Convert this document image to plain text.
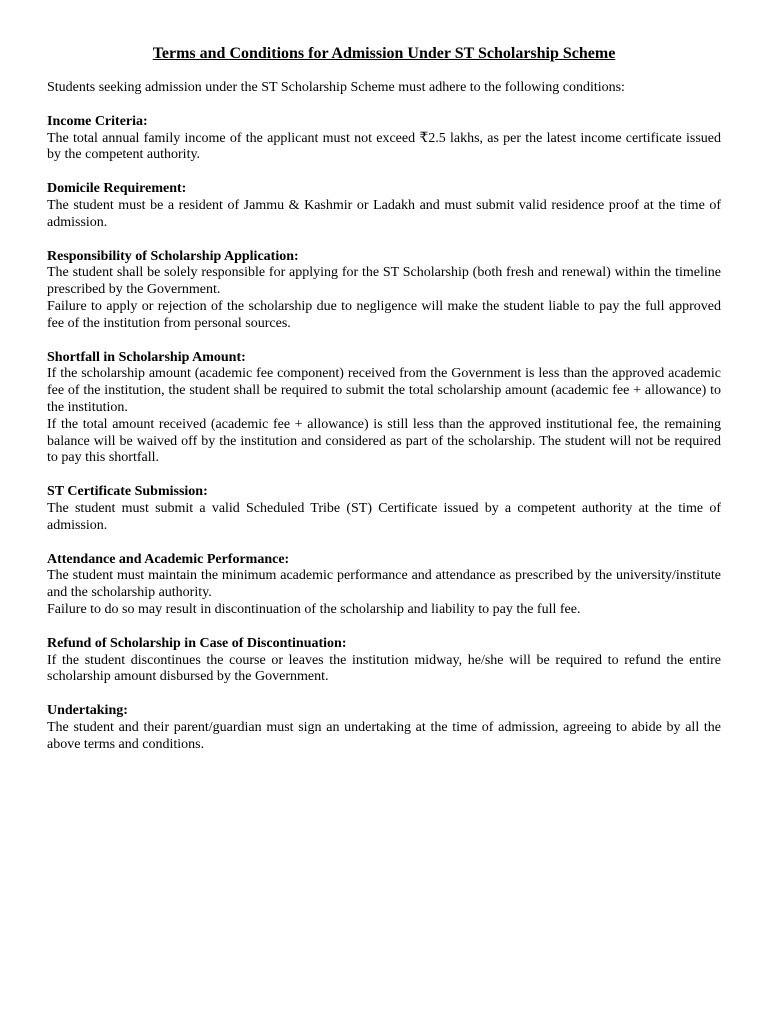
Terms and Conditions for Admission Under ST Scholarship Scheme
Students seeking admission under the ST Scholarship Scheme must adhere to the following conditions:
Income Criteria:
The total annual family income of the applicant must not exceed ₹2.5 lakhs, as per the latest income certificate issued by the competent authority.
Domicile Requirement:
The student must be a resident of Jammu & Kashmir or Ladakh and must submit valid residence proof at the time of admission.
Responsibility of Scholarship Application:
The student shall be solely responsible for applying for the ST Scholarship (both fresh and renewal) within the timeline prescribed by the Government.
Failure to apply or rejection of the scholarship due to negligence will make the student liable to pay the full approved fee of the institution from personal sources.
Shortfall in Scholarship Amount:
If the scholarship amount (academic fee component) received from the Government is less than the approved academic fee of the institution, the student shall be required to submit the total scholarship amount (academic fee + allowance) to the institution.
If the total amount received (academic fee + allowance) is still less than the approved institutional fee, the remaining balance will be waived off by the institution and considered as part of the scholarship. The student will not be required to pay this shortfall.
ST Certificate Submission:
The student must submit a valid Scheduled Tribe (ST) Certificate issued by a competent authority at the time of admission.
Attendance and Academic Performance:
The student must maintain the minimum academic performance and attendance as prescribed by the university/institute and the scholarship authority.
Failure to do so may result in discontinuation of the scholarship and liability to pay the full fee.
Refund of Scholarship in Case of Discontinuation:
If the student discontinues the course or leaves the institution midway, he/she will be required to refund the entire scholarship amount disbursed by the Government.
Undertaking:
The student and their parent/guardian must sign an undertaking at the time of admission, agreeing to abide by all the above terms and conditions.
